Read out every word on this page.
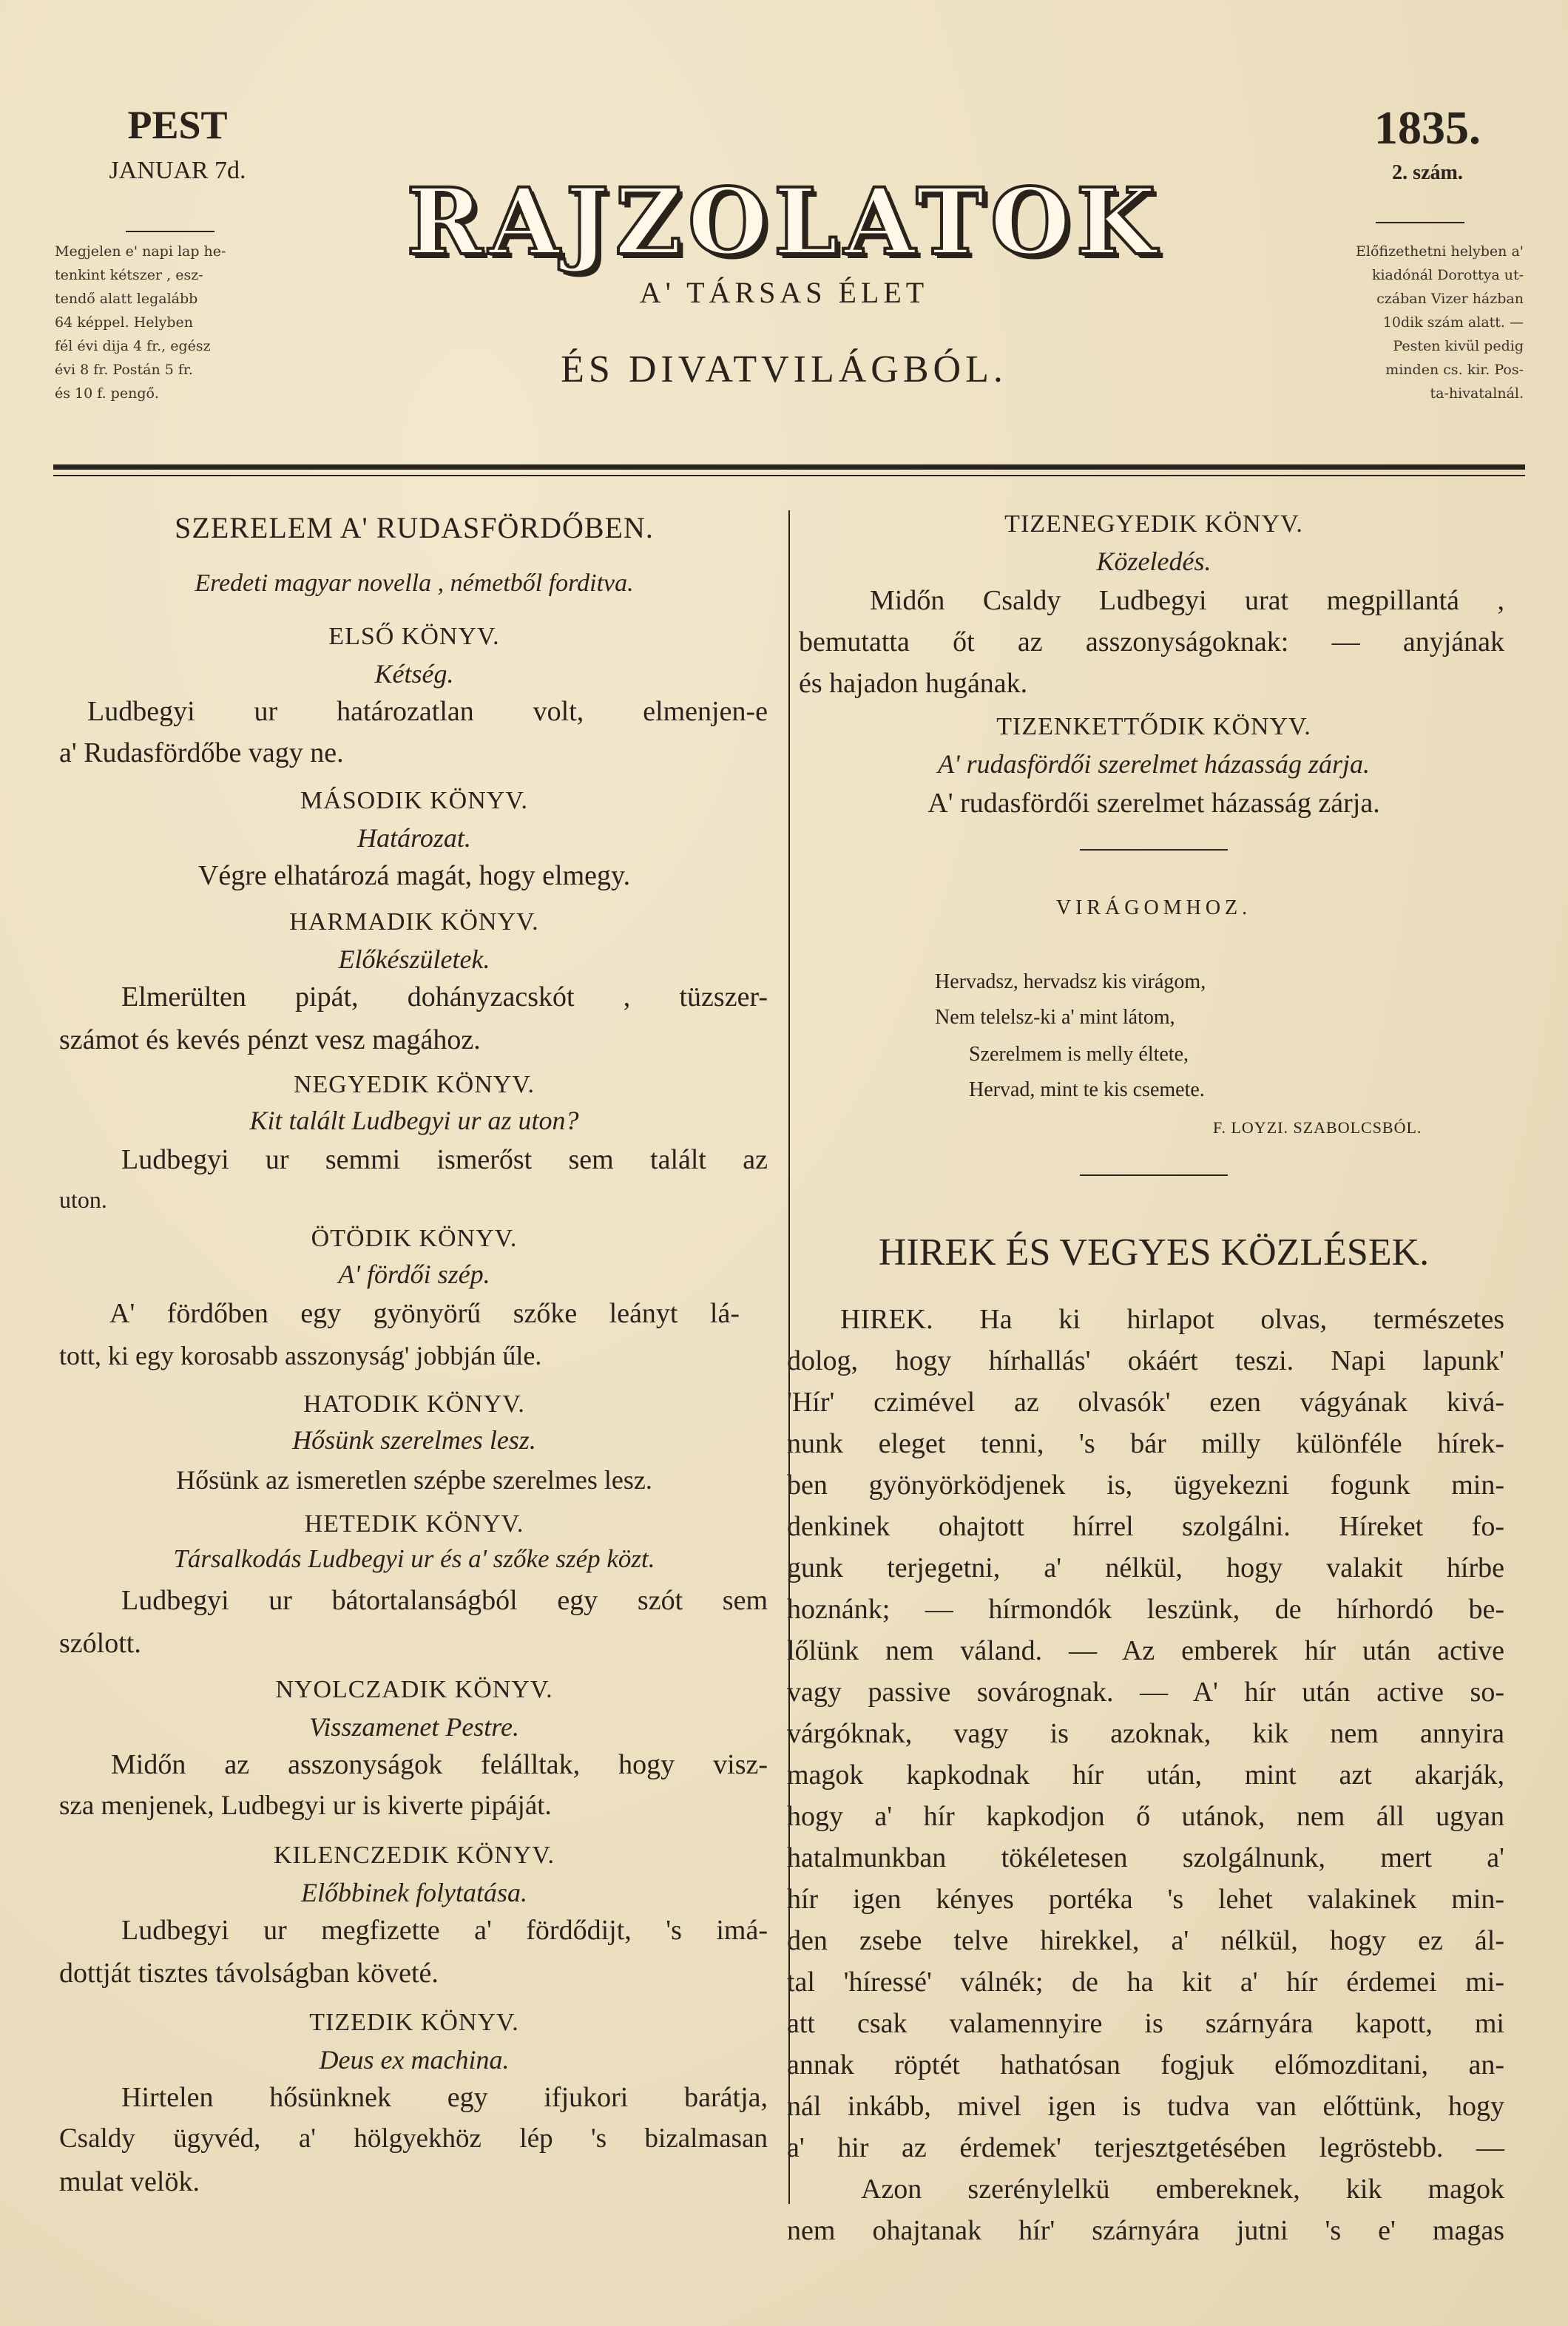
PEST
JANUAR 7d.
Megjelen e' napi lap he-
tenkint kétszer , esz-
tendő alatt legalább
64 képpel. Helyben
fél évi dija 4 fr., egész
évi 8 fr. Postán 5 fr.
és 10 f. pengő.
RAJZOLATOK
A' TÁRSAS ÉLET
ÉS DIVATVILÁGBÓL.
1835.
2. szám.
Előfizethetni helyben a'
kiadónál Dorottya ut-
czában Vizer házban
10dik szám alatt. —
Pesten kivül pedig
minden cs. kir. Pos-
ta-hivatalnál.
SZERELEM A' RUDASFÖRDŐBEN.
Eredeti magyar novella , németből forditva.
ELSŐ KÖNYV.
Kétség.
Ludbegyi ur határozatlan volt, elmenjen-e
a' Rudasfördőbe vagy ne.
MÁSODIK KÖNYV.
Határozat.
Végre elhatározá magát, hogy elmegy.
HARMADIK KÖNYV.
Előkészületek.
Elmerülten pipát, dohányzacskót , tüzszer-
számot és kevés pénzt vesz magához.
NEGYEDIK KÖNYV.
Kit talált Ludbegyi ur az uton?
Ludbegyi ur semmi ismerőst sem talált az
uton.
ÖTÖDIK KÖNYV.
A' fördői szép.
A' fördőben egy gyönyörű szőke leányt lá-
tott, ki egy korosabb asszonyság' jobbján űle.
HATODIK KÖNYV.
Hősünk szerelmes lesz.
Hősünk az ismeretlen szépbe szerelmes lesz.
HETEDIK KÖNYV.
Társalkodás Ludbegyi ur és a' szőke szép közt.
Ludbegyi ur bátortalanságból egy szót sem
szólott.
NYOLCZADIK KÖNYV.
Visszamenet Pestre.
Midőn az asszonyságok felálltak, hogy visz-
sza menjenek, Ludbegyi ur is kiverte pipáját.
KILENCZEDIK KÖNYV.
Előbbinek folytatása.
Ludbegyi ur megfizette a' fördődijt, 's imá-
dottját tisztes távolságban követé.
TIZEDIK KÖNYV.
Deus ex machina.
Hirtelen hősünknek egy ifjukori barátja,
Csaldy ügyvéd, a' hölgyekhöz lép 's bizalmasan
mulat velök.
TIZENEGYEDIK KÖNYV.
Közeledés.
Midőn Csaldy Ludbegyi urat megpillantá ,
bemutatta őt az asszonyságoknak: — anyjának
és hajadon hugának.
TIZENKETTŐDIK KÖNYV.
A' rudasfördői szerelmet házasság zárja.
A' rudasfördői szerelmet házasság zárja.
VIRÁGOMHOZ.
Hervadsz, hervadsz kis virágom,
Nem telelsz-ki a' mint látom,
Szerelmem is melly éltete,
Hervad, mint te kis csemete.
F. LOYZI. SZABOLCSBÓL.
HIREK ÉS VEGYES KÖZLÉSEK.
HIREK. Ha ki hirlapot olvas, természetes
dolog, hogy hírhallás' okáért teszi. Napi lapunk'
'Hír' czimével az olvasók' ezen vágyának kivá-
nunk eleget tenni, 's bár milly különféle hírek-
ben gyönyörködjenek is, ügyekezni fogunk min-
denkinek ohajtott hírrel szolgálni. Híreket fo-
gunk terjegetni, a' nélkül, hogy valakit hírbe
hoznánk; — hírmondók leszünk, de hírhordó be-
lőlünk nem váland. — Az emberek hír után active
vagy passive sovárognak. — A' hír után active so-
várgóknak, vagy is azoknak, kik nem annyira
magok kapkodnak hír után, mint azt akarják,
hogy a' hír kapkodjon ő utánok, nem áll ugyan
hatalmunkban tökéletesen szolgálnunk, mert a'
hír igen kényes portéka 's lehet valakinek min-
den zsebe telve hirekkel, a' nélkül, hogy ez ál-
tal 'híressé' válnék; de ha kit a' hír érdemei mi-
att csak valamennyire is szárnyára kapott, mi
annak röptét hathatósan fogjuk előmozditani, an-
nál inkább, mivel igen is tudva van előttünk, hogy
a' hir az érdemek' terjesztgetésében legröstebb. —
Azon szerénylelkü embereknek, kik magok
nem ohajtanak hír' szárnyára jutni 's e' magas
